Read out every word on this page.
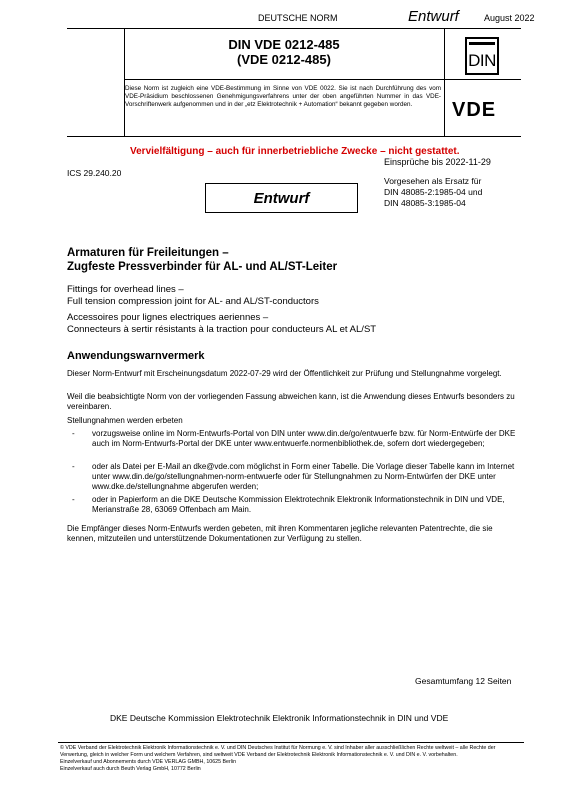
DEUTSCHE NORM	Entwurf	August 2022
DIN VDE 0212-485
(VDE 0212-485)
Diese Norm ist zugleich eine VDE-Bestimmung im Sinne von VDE 0022. Sie ist nach Durchführung des vom VDE-Präsidium beschlossenen Genehmigungsverfahrens unter der oben angeführten Nummer in das VDE-Vorschriftenwerk aufgenommen und in der „etz Elektrotechnik + Automation“ bekannt gegeben worden.
DIN
VDE
Vervielfältigung – auch für innerbetriebliche Zwecke – nicht gestattet.
Einsprüche bis 2022-11-29
ICS 29.240.20
Vorgesehen als Ersatz für
DIN 48085-2:1985-04 und
DIN 48085-3:1985-04
Entwurf
Armaturen für Freileitungen –
Zugfeste Pressverbinder für AL- und AL/ST-Leiter
Fittings for overhead lines –
Full tension compression joint for AL- and AL/ST-conductors
Accessoires pour lignes electriques aeriennes –
Connecteurs à sertir résistants à la traction pour conducteurs AL et AL/ST
Anwendungswarnvermerk
Dieser Norm-Entwurf mit Erscheinungsdatum 2022-07-29 wird der Öffentlichkeit zur Prüfung und Stellungnahme vorgelegt.
Weil die beabsichtigte Norm von der vorliegenden Fassung abweichen kann, ist die Anwendung dieses Entwurfs besonders zu vereinbaren.
Stellungnahmen werden erbeten
- vorzugsweise online im Norm-Entwurfs-Portal von DIN unter www.din.de/go/entwuerfe bzw. für Norm-Entwürfe der DKE auch im Norm-Entwurfs-Portal der DKE unter www.entwuerfe.normenbibliothek.de, sofern dort wiedergegeben;
- oder als Datei per E-Mail an dke@vde.com möglichst in Form einer Tabelle. Die Vorlage dieser Tabelle kann im Internet unter www.din.de/go/stellungnahmen-norm-entwuerfe oder für Stellungnahmen zu Norm-Entwürfen der DKE unter www.dke.de/stellungnahme abgerufen werden;
- oder in Papierform an die DKE Deutsche Kommission Elektrotechnik Elektronik Informationstechnik in DIN und VDE, Merianstraße 28, 63069 Offenbach am Main.
Die Empfänger dieses Norm-Entwurfs werden gebeten, mit ihren Kommentaren jegliche relevanten Patentrechte, die sie kennen, mitzuteilen und unterstützende Dokumentationen zur Verfügung zu stellen.
Gesamtumfang 12 Seiten
DKE Deutsche Kommission Elektrotechnik Elektronik Informationstechnik in DIN und VDE
© VDE Verband der Elektrotechnik Elektronik Informationstechnik e. V. und DIN Deutsches Institut für Normung e. V. sind Inhaber aller ausschließlichen Rechte weltweit – alle Rechte der Verwertung, gleich in welcher Form und welchem Verfahren, sind weltweit VDE Verband der Elektrotechnik Elektronik Informationstechnik e. V. und DIN e. V. vorbehalten.
Einzelverkauf und Abonnements durch VDE VERLAG GMBH, 10625 Berlin
Einzelverkauf auch durch Beuth Verlag GmbH, 10772 Berlin
